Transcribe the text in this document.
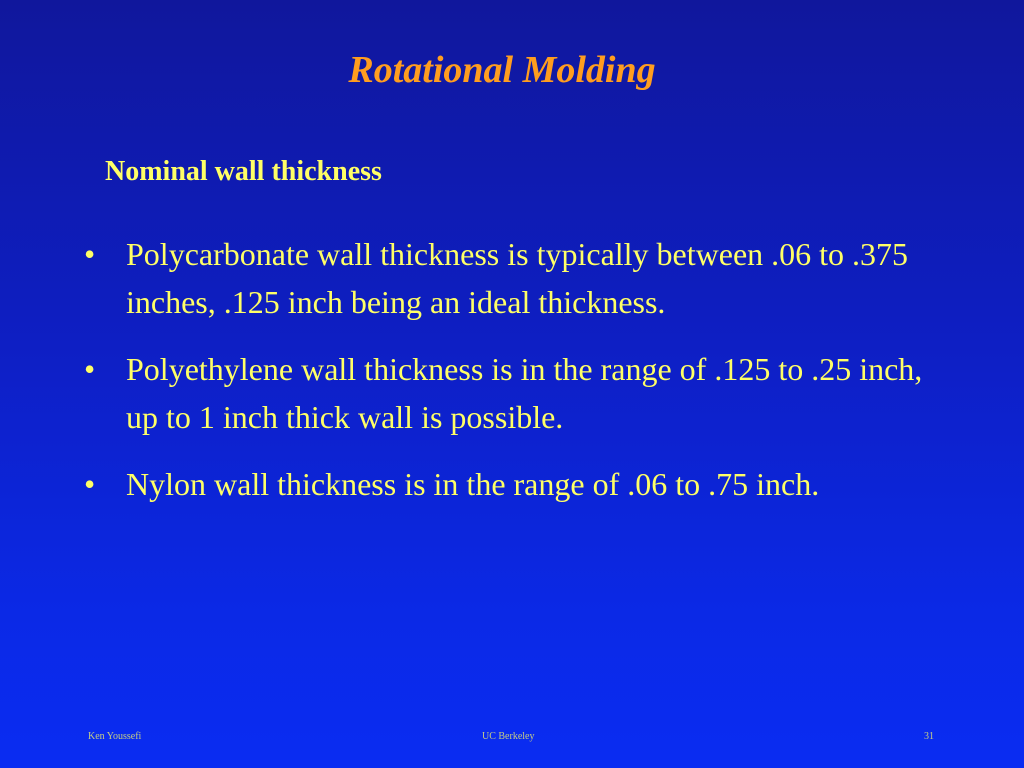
Rotational Molding
Nominal wall thickness
• Polycarbonate wall thickness is typically between .06 to .375 inches, .125 inch being an ideal thickness.
• Polyethylene wall thickness is in the range of .125 to .25 inch, up to 1 inch thick wall is possible.
• Nylon wall thickness is in the range of .06 to .75 inch.
Ken Youssefi	UC Berkeley	31
